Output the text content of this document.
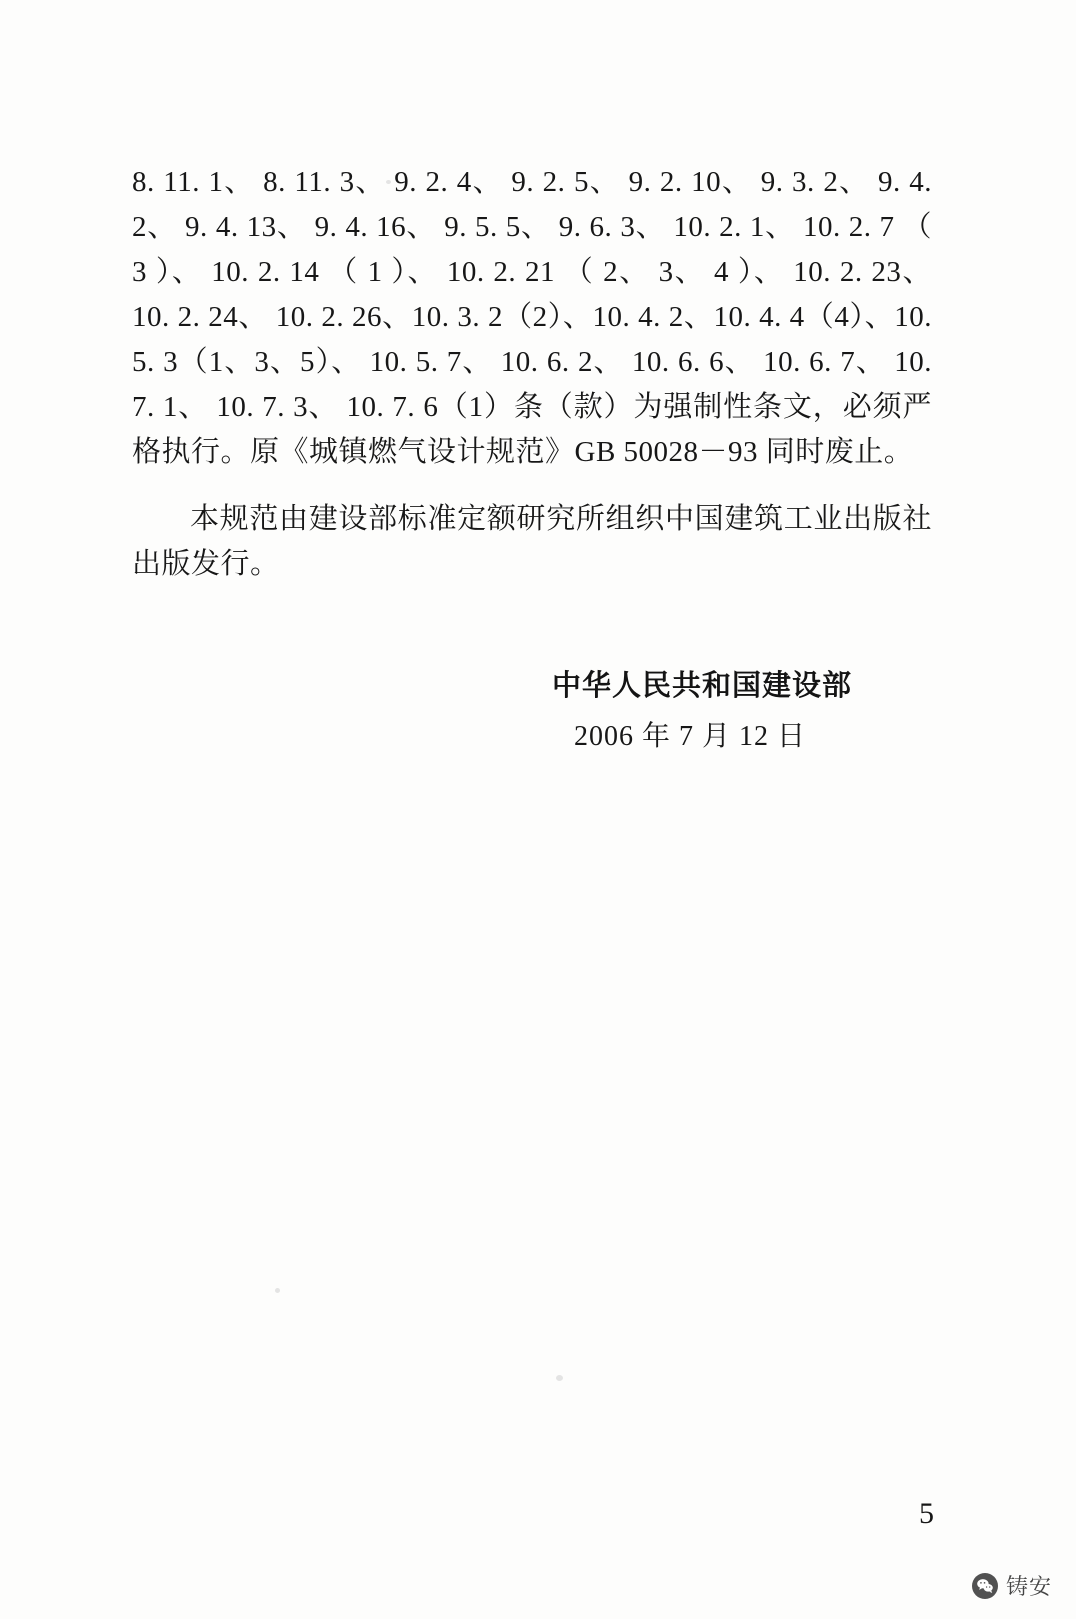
8. 11. 1、 8. 11. 3、 9. 2. 4、 9. 2. 5、 9. 2. 10、 9. 3. 2、 9. 4. 2、 9. 4. 13、 9. 4. 16、 9. 5. 5、 9. 6. 3、 10. 2. 1、 10. 2. 7 （ 3 ）、 10. 2. 14 （ 1 ）、 10. 2. 21 （ 2、 3、 4 ）、 10. 2. 23、 10. 2. 24、 10. 2. 26、10. 3. 2（2）、10. 4. 2、10. 4. 4（4）、10. 5. 3（1、3、5）、 10. 5. 7、 10. 6. 2、 10. 6. 6、 10. 6. 7、 10. 7. 1、 10. 7. 3、 10. 7. 6（1）条（款）为强制性条文，必须严格执行。原《城镇燃气设计规范》GB 50028－93 同时废止。

本规范由建设部标准定额研究所组织中国建筑工业出版社出版发行。

中华人民共和国建设部
2006 年 7 月 12 日
5
铸安
